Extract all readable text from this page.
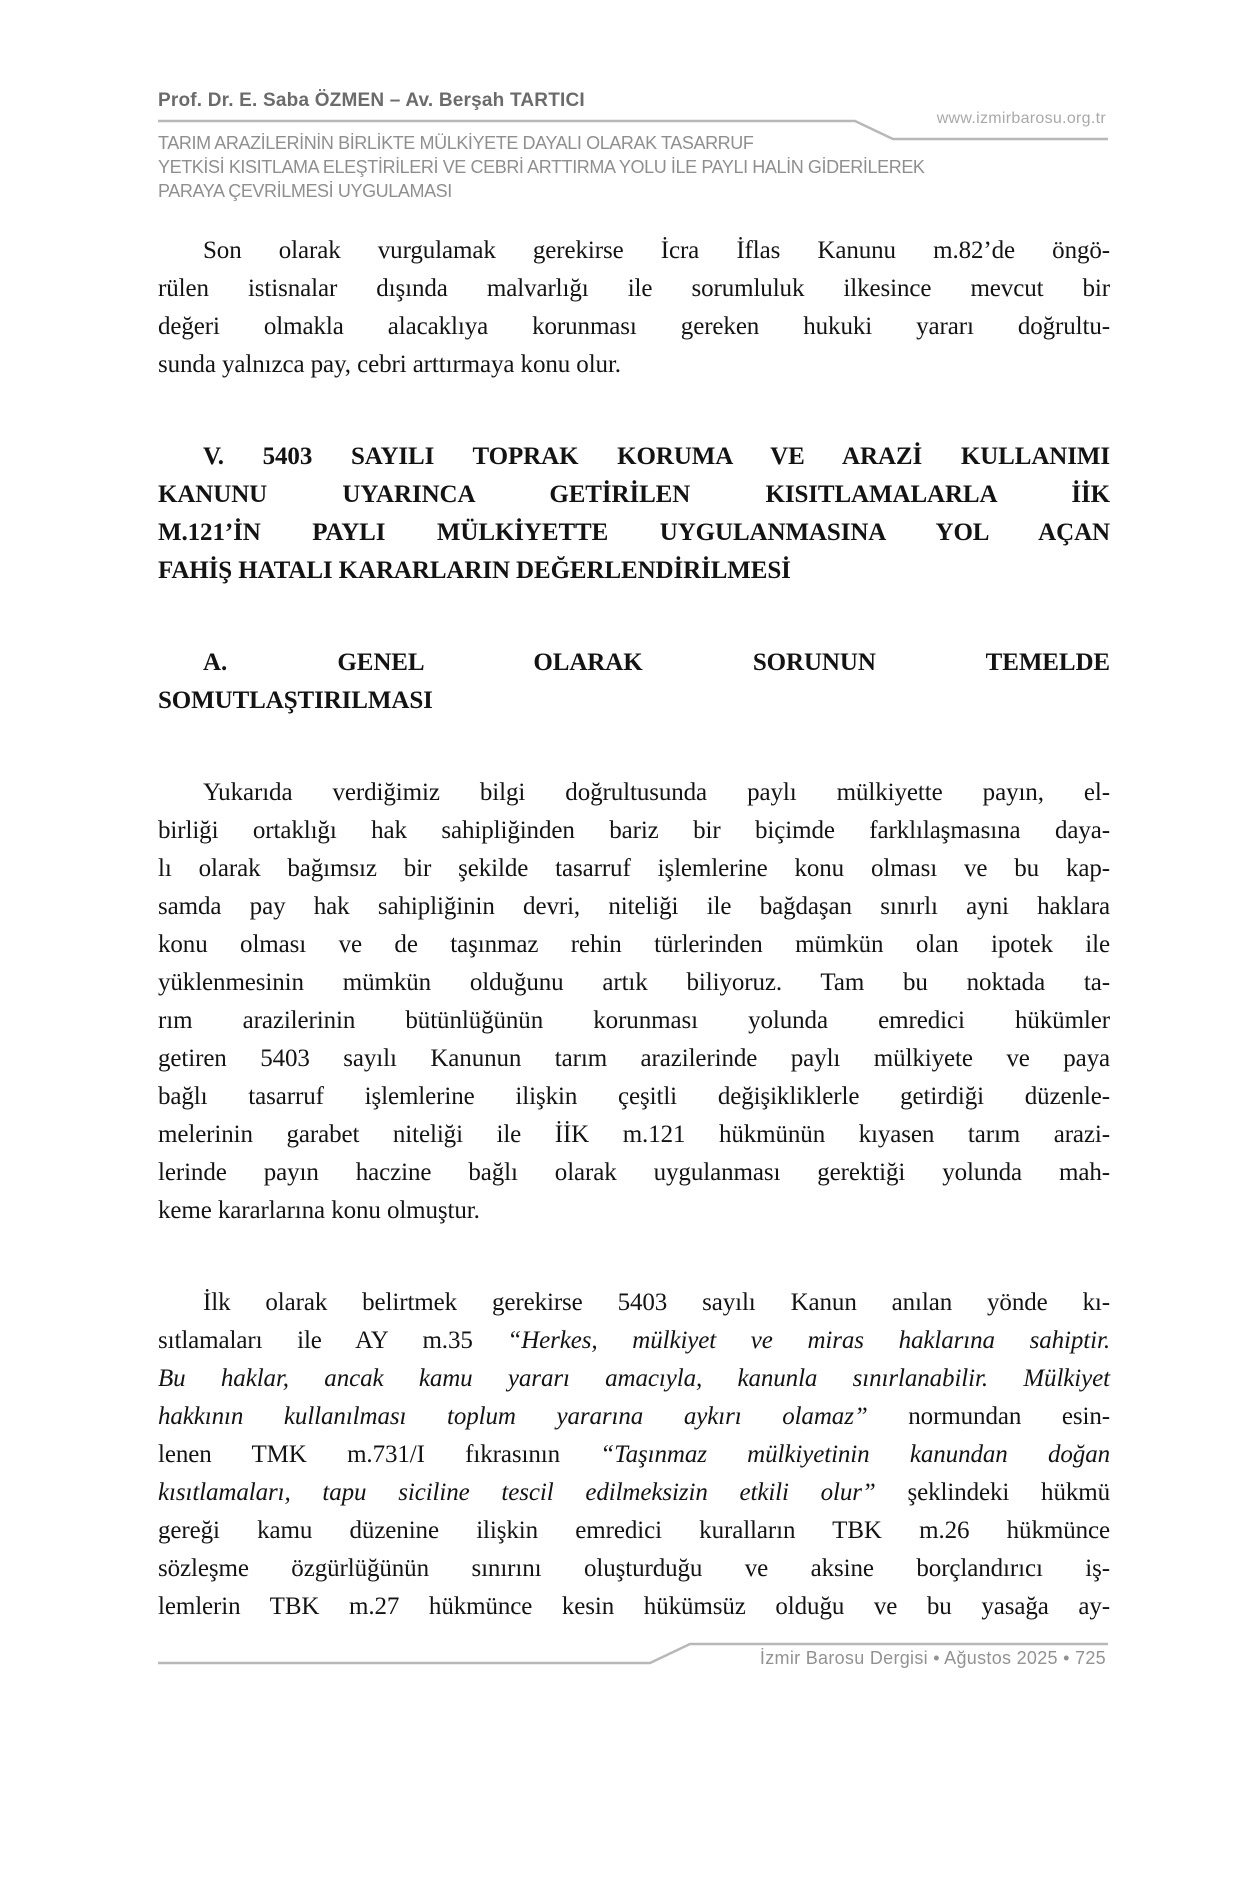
Prof. Dr. E. Saba ÖZMEN – Av. Berşah TARTICI
www.izmirbarosu.org.tr
TARIM ARAZİLERİNİN BİRLİKTE MÜLKİYETE DAYALI OLARAK TASARRUF
YETKİSİ KISITLAMA ELEŞTİRİLERİ VE CEBRİ ARTTIRMA YOLU İLE PAYLI HALİN GİDERİLEREK
PARAYA ÇEVRİLMESİ UYGULAMASI
Son olarak vurgulamak gerekirse İcra İflas Kanunu m.82’de öngö-
rülen istisnalar dışında malvarlığı ile sorumluluk ilkesince mevcut bir
değeri olmakla alacaklıya korunması gereken hukuki yararı doğrultu-
sunda yalnızca pay, cebri arttırmaya konu olur.
V. 5403 SAYILI TOPRAK KORUMA VE ARAZİ KULLANIMI
KANUNU UYARINCA GETİRİLEN KISITLAMALARLA İİK
M.121’İN PAYLI MÜLKİYETTE UYGULANMASINA YOL AÇAN
FAHİŞ HATALI KARARLARIN DEĞERLENDİRİLMESİ
A. GENEL OLARAK SORUNUN TEMELDE
SOMUTLAŞTIRILMASI
Yukarıda verdiğimiz bilgi doğrultusunda paylı mülkiyette payın, el-
birliği ortaklığı hak sahipliğinden bariz bir biçimde farklılaşmasına daya-
lı olarak bağımsız bir şekilde tasarruf işlemlerine konu olması ve bu kap-
samda pay hak sahipliğinin devri, niteliği ile bağdaşan sınırlı ayni haklara
konu olması ve de taşınmaz rehin türlerinden mümkün olan ipotek ile
yüklenmesinin mümkün olduğunu artık biliyoruz. Tam bu noktada ta-
rım arazilerinin bütünlüğünün korunması yolunda emredici hükümler
getiren 5403 sayılı Kanunun tarım arazilerinde paylı mülkiyete ve paya
bağlı tasarruf işlemlerine ilişkin çeşitli değişikliklerle getirdiği düzenle-
melerinin garabet niteliği ile İİK m.121 hükmünün kıyasen tarım arazi-
lerinde payın haczine bağlı olarak uygulanması gerektiği yolunda mah-
keme kararlarına konu olmuştur.
İlk olarak belirtmek gerekirse 5403 sayılı Kanun anılan yönde kı-
sıtlamaları ile AY m.35 “Herkes, mülkiyet ve miras haklarına sahiptir.
Bu haklar, ancak kamu yararı amacıyla, kanunla sınırlanabilir. Mülkiyet
hakkının kullanılması toplum yararına aykırı olamaz” normundan esin-
lenen TMK m.731/I fıkrasının “Taşınmaz mülkiyetinin kanundan doğan
kısıtlamaları, tapu siciline tescil edilmeksizin etkili olur” şeklindeki hükmü
gereği kamu düzenine ilişkin emredici kuralların TBK m.26 hükmünce
sözleşme özgürlüğünün sınırını oluşturduğu ve aksine borçlandırıcı iş-
lemlerin TBK m.27 hükmünce kesin hükümsüz olduğu ve bu yasağa ay-
İzmir Barosu Dergisi • Ağustos 2025 • 725
